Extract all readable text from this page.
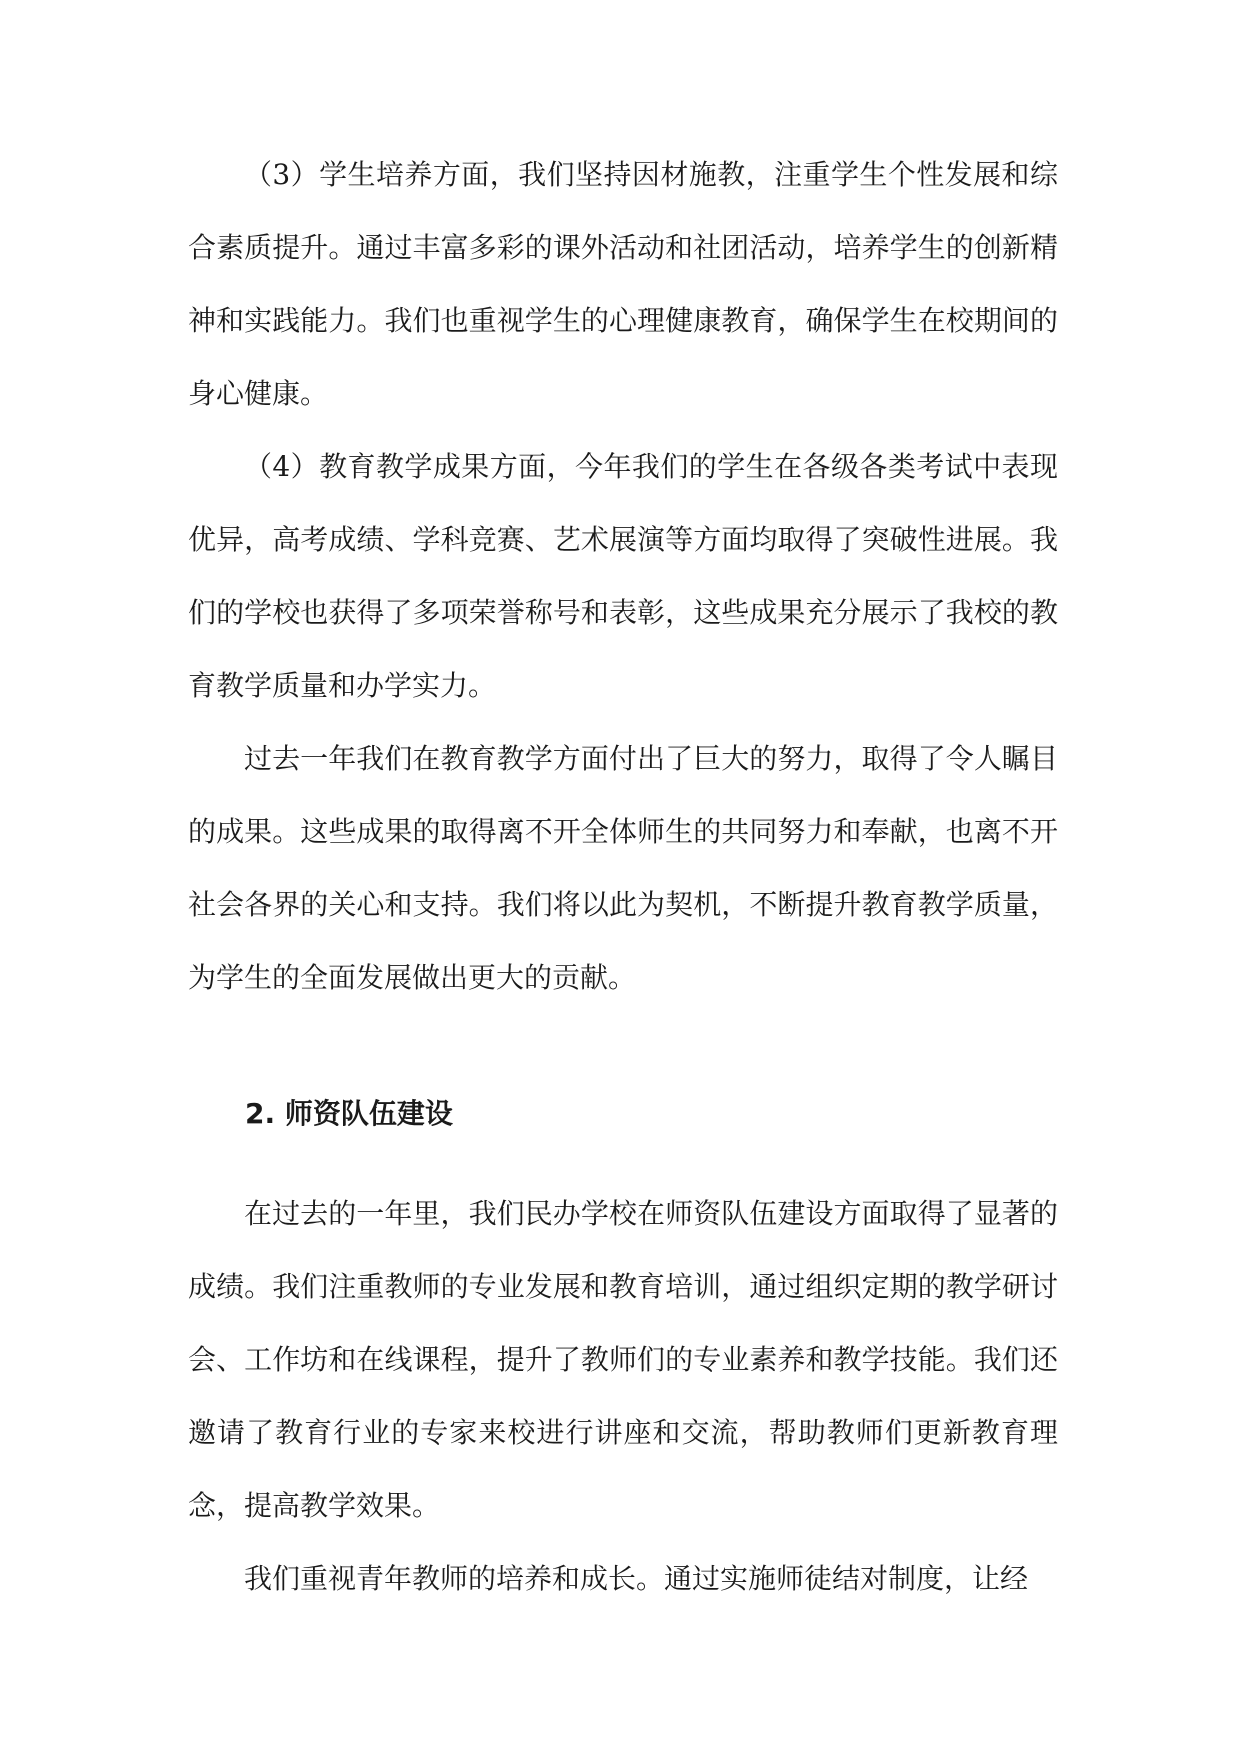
（3）学生培养方面，我们坚持因材施教，注重学生个性发展和综合素质提升。通过丰富多彩的课外活动和社团活动，培养学生的创新精神和实践能力。我们也重视学生的心理健康教育，确保学生在校期间的身心健康。

（4）教育教学成果方面，今年我们的学生在各级各类考试中表现优异，高考成绩、学科竞赛、艺术展演等方面均取得了突破性进展。我们的学校也获得了多项荣誉称号和表彰，这些成果充分展示了我校的教育教学质量和办学实力。

过去一年我们在教育教学方面付出了巨大的努力，取得了令人瞩目的成果。这些成果的取得离不开全体师生的共同努力和奉献，也离不开社会各界的关心和支持。我们将以此为契机，不断提升教育教学质量，为学生的全面发展做出更大的贡献。

2. 师资队伍建设

在过去的一年里，我们民办学校在师资队伍建设方面取得了显著的成绩。我们注重教师的专业发展和教育培训，通过组织定期的教学研讨会、工作坊和在线课程，提升了教师们的专业素养和教学技能。我们还邀请了教育行业的专家来校进行讲座和交流，帮助教师们更新教育理念，提高教学效果。

我们重视青年教师的培养和成长。通过实施师徒结对制度，让经
